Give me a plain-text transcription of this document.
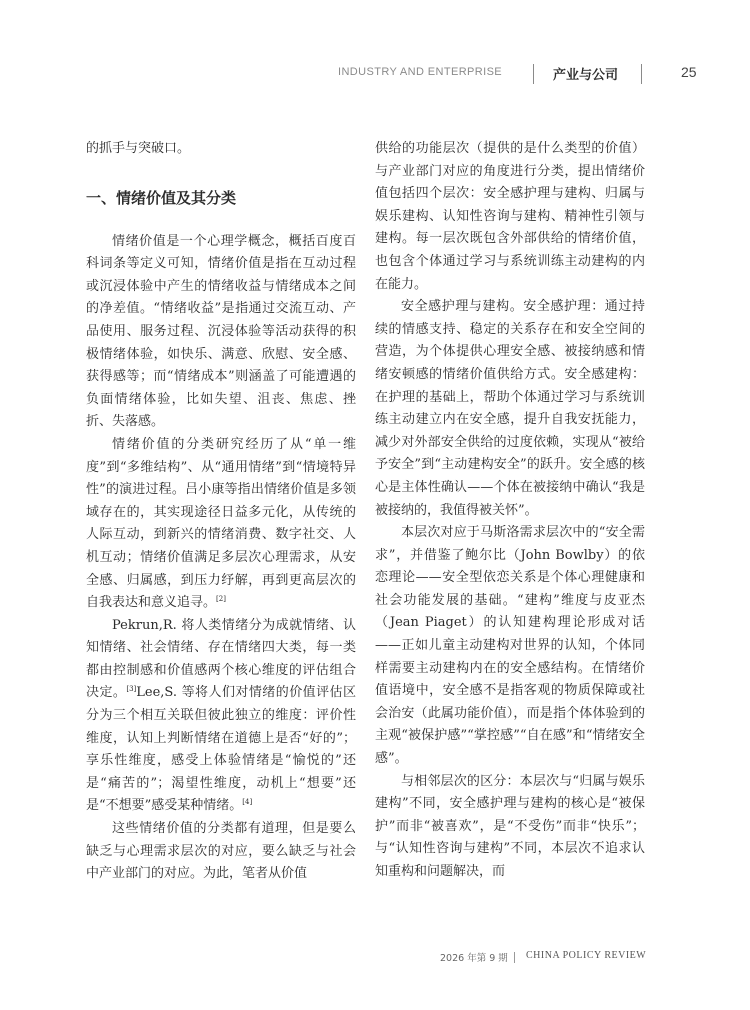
INDUSTRY AND ENTERPRISE	产业与公司	25

的抓手与突破口。

一、情绪价值及其分类

情绪价值是一个心理学概念，概括百度百科词条等定义可知，情绪价值是指在互动过程或沉浸体验中产生的情绪收益与情绪成本之间的净差值。“情绪收益”是指通过交流互动、产品使用、服务过程、沉浸体验等活动获得的积极情绪体验，如快乐、满意、欣慰、安全感、获得感等；而“情绪成本”则涵盖了可能遭遇的负面情绪体验，比如失望、沮丧、焦虑、挫折、失落感。

情绪价值的分类研究经历了从“单一维度”到“多维结构”、从“通用情绪”到“情境特异性”的演进过程。吕小康等指出情绪价值是多领域存在的，其实现途径日益多元化，从传统的人际互动，到新兴的情绪消费、数字社交、人机互动；情绪价值满足多层次心理需求，从安全感、归属感，到压力纾解，再到更高层次的自我表达和意义追寻。[2]

Pekrun,R. 将人类情绪分为成就情绪、认知情绪、社会情绪、存在情绪四大类，每一类都由控制感和价值感两个核心维度的评估组合决定。[3]Lee,S. 等将人们对情绪的价值评估区分为三个相互关联但彼此独立的维度：评价性维度，认知上判断情绪在道德上是否“好的”；享乐性维度，感受上体验情绪是“愉悦的”还是“痛苦的”；渴望性维度，动机上“想要”还是“不想要”感受某种情绪。[4]

这些情绪价值的分类都有道理，但是要么缺乏与心理需求层次的对应，要么缺乏与社会中产业部门的对应。为此，笔者从价值

供给的功能层次（提供的是什么类型的价值）与产业部门对应的角度进行分类，提出情绪价值包括四个层次：安全感护理与建构、归属与娱乐建构、认知性咨询与建构、精神性引领与建构。每一层次既包含外部供给的情绪价值，也包含个体通过学习与系统训练主动建构的内在能力。

安全感护理与建构。安全感护理：通过持续的情感支持、稳定的关系存在和安全空间的营造，为个体提供心理安全感、被接纳感和情绪安顿感的情绪价值供给方式。安全感建构：在护理的基础上，帮助个体通过学习与系统训练主动建立内在安全感，提升自我安抚能力，减少对外部安全供给的过度依赖，实现从“被给予安全”到“主动建构安全”的跃升。安全感的核心是主体性确认——个体在被接纳中确认“我是被接纳的，我值得被关怀”。

本层次对应于马斯洛需求层次中的“安全需求”，并借鉴了鲍尔比（John Bowlby）的依恋理论——安全型依恋关系是个体心理健康和社会功能发展的基础。“建构”维度与皮亚杰（Jean Piaget）的认知建构理论形成对话——正如儿童主动建构对世界的认知，个体同样需要主动建构内在的安全感结构。在情绪价值语境中，安全感不是指客观的物质保障或社会治安（此属功能价值），而是指个体体验到的主观“被保护感”“掌控感”“自在感”和“情绪安全感”。

与相邻层次的区分：本层次与“归属与娱乐建构”不同，安全感护理与建构的核心是“被保护”而非“被喜欢”，是“不受伤”而非“快乐”；与“认知性咨询与建构”不同，本层次不追求认知重构和问题解决，而

2026 年第 9 期 CHINA POLICY REVIEW
